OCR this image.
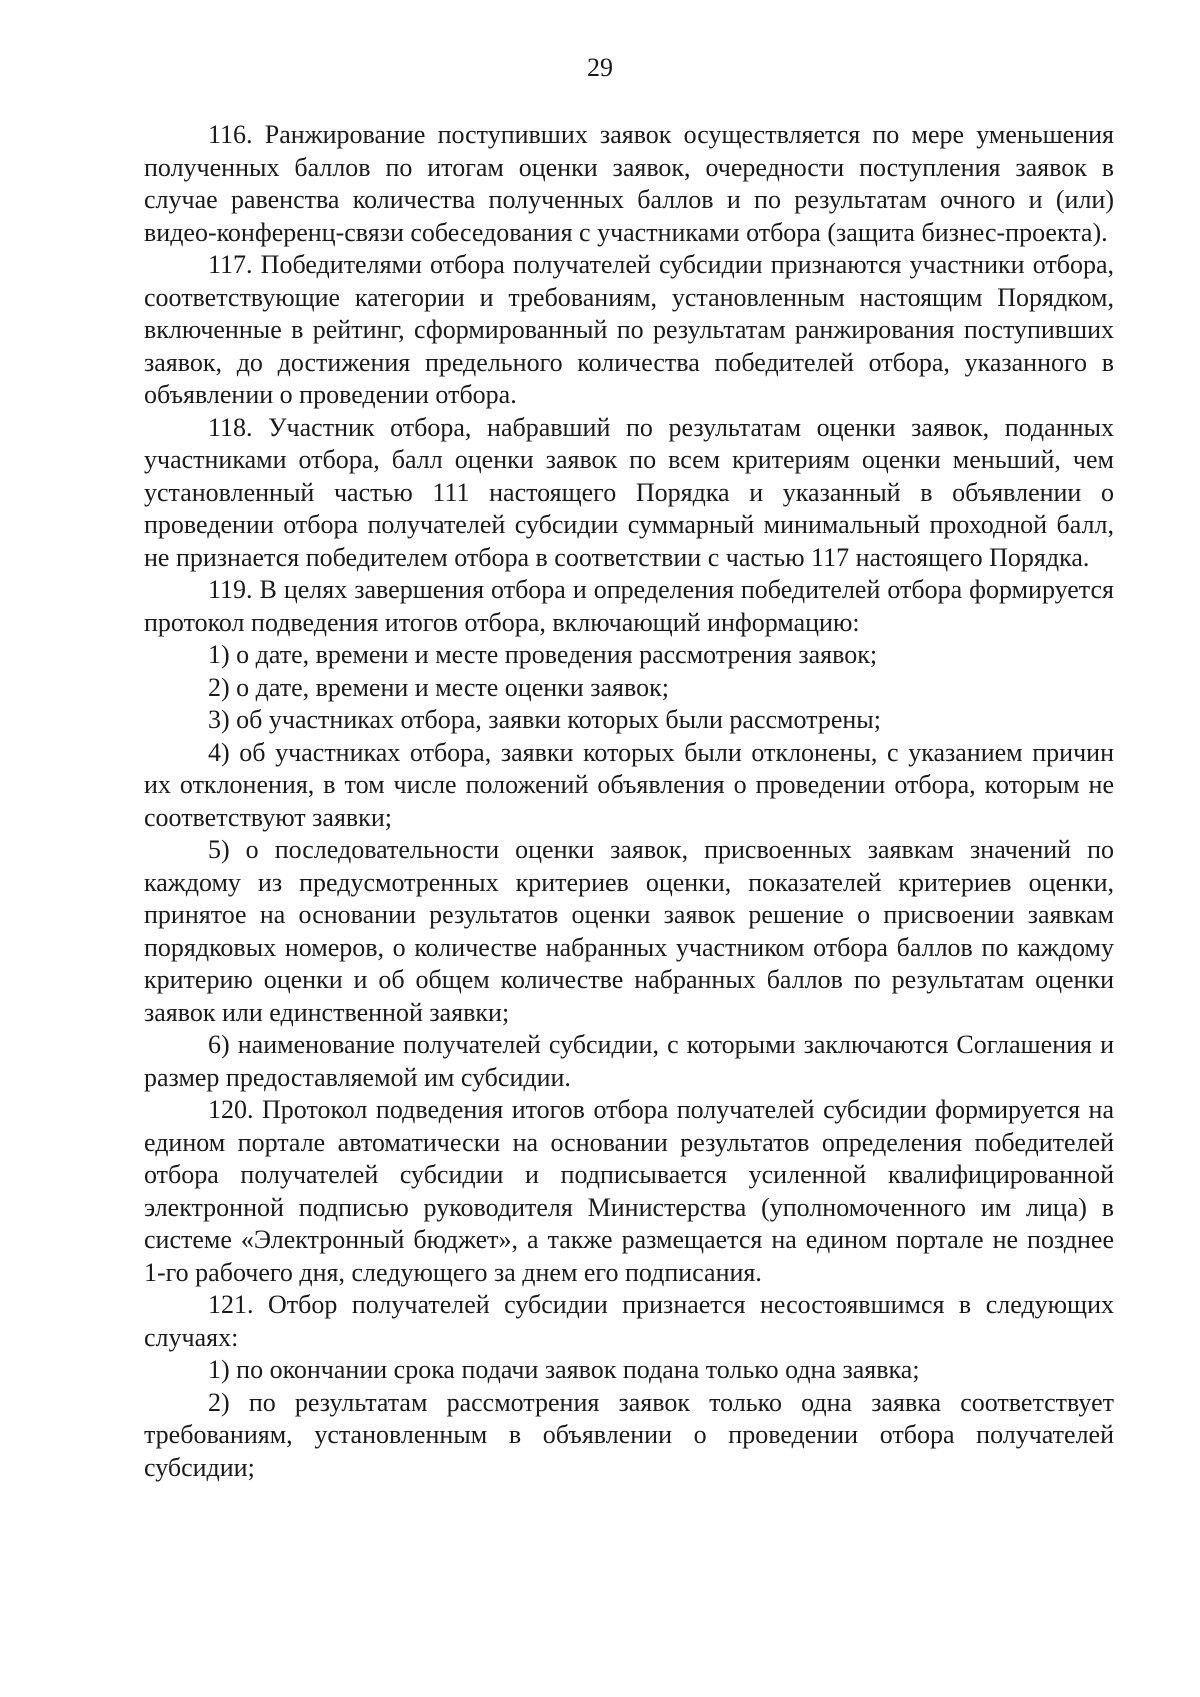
29

116. Ранжирование поступивших заявок осуществляется по мере уменьшения полученных баллов по итогам оценки заявок, очередности поступления заявок в случае равенства количества полученных баллов и по результатам очного и (или) видео-конференц-связи собеседования с участниками отбора (защита бизнес-проекта).

117. Победителями отбора получателей субсидии признаются участники отбора, соответствующие категории и требованиям, установленным настоящим Порядком, включенные в рейтинг, сформированный по результатам ранжирования поступивших заявок, до достижения предельного количества победителей отбора, указанного в объявлении о проведении отбора.

118. Участник отбора, набравший по результатам оценки заявок, поданных участниками отбора, балл оценки заявок по всем критериям оценки меньший, чем установленный частью 111 настоящего Порядка и указанный в объявлении о проведении отбора получателей субсидии суммарный минимальный проходной балл, не признается победителем отбора в соответствии с частью 117 настоящего Порядка.

119. В целях завершения отбора и определения победителей отбора формируется протокол подведения итогов отбора, включающий информацию:

1) о дате, времени и месте проведения рассмотрения заявок;

2) о дате, времени и месте оценки заявок;

3) об участниках отбора, заявки которых были рассмотрены;

4) об участниках отбора, заявки которых были отклонены, с указанием причин их отклонения, в том числе положений объявления о проведении отбора, которым не соответствуют заявки;

5) о последовательности оценки заявок, присвоенных заявкам значений по каждому из предусмотренных критериев оценки, показателей критериев оценки, принятое на основании результатов оценки заявок решение о присвоении заявкам порядковых номеров, о количестве набранных участником отбора баллов по каждому критерию оценки и об общем количестве набранных баллов по результатам оценки заявок или единственной заявки;

6) наименование получателей субсидии, с которыми заключаются Соглашения и размер предоставляемой им субсидии.

120. Протокол подведения итогов отбора получателей субсидии формируется на едином портале автоматически на основании результатов определения победителей отбора получателей субсидии и подписывается усиленной квалифицированной электронной подписью руководителя Министерства (уполномоченного им лица) в системе «Электронный бюджет», а также размещается на едином портале не позднее 1-го рабочего дня, следующего за днем его подписания.

121. Отбор получателей субсидии признается несостоявшимся в следующих случаях:

1) по окончании срока подачи заявок подана только одна заявка;

2) по результатам рассмотрения заявок только одна заявка соответствует требованиям, установленным в объявлении о проведении отбора получателей субсидии;
